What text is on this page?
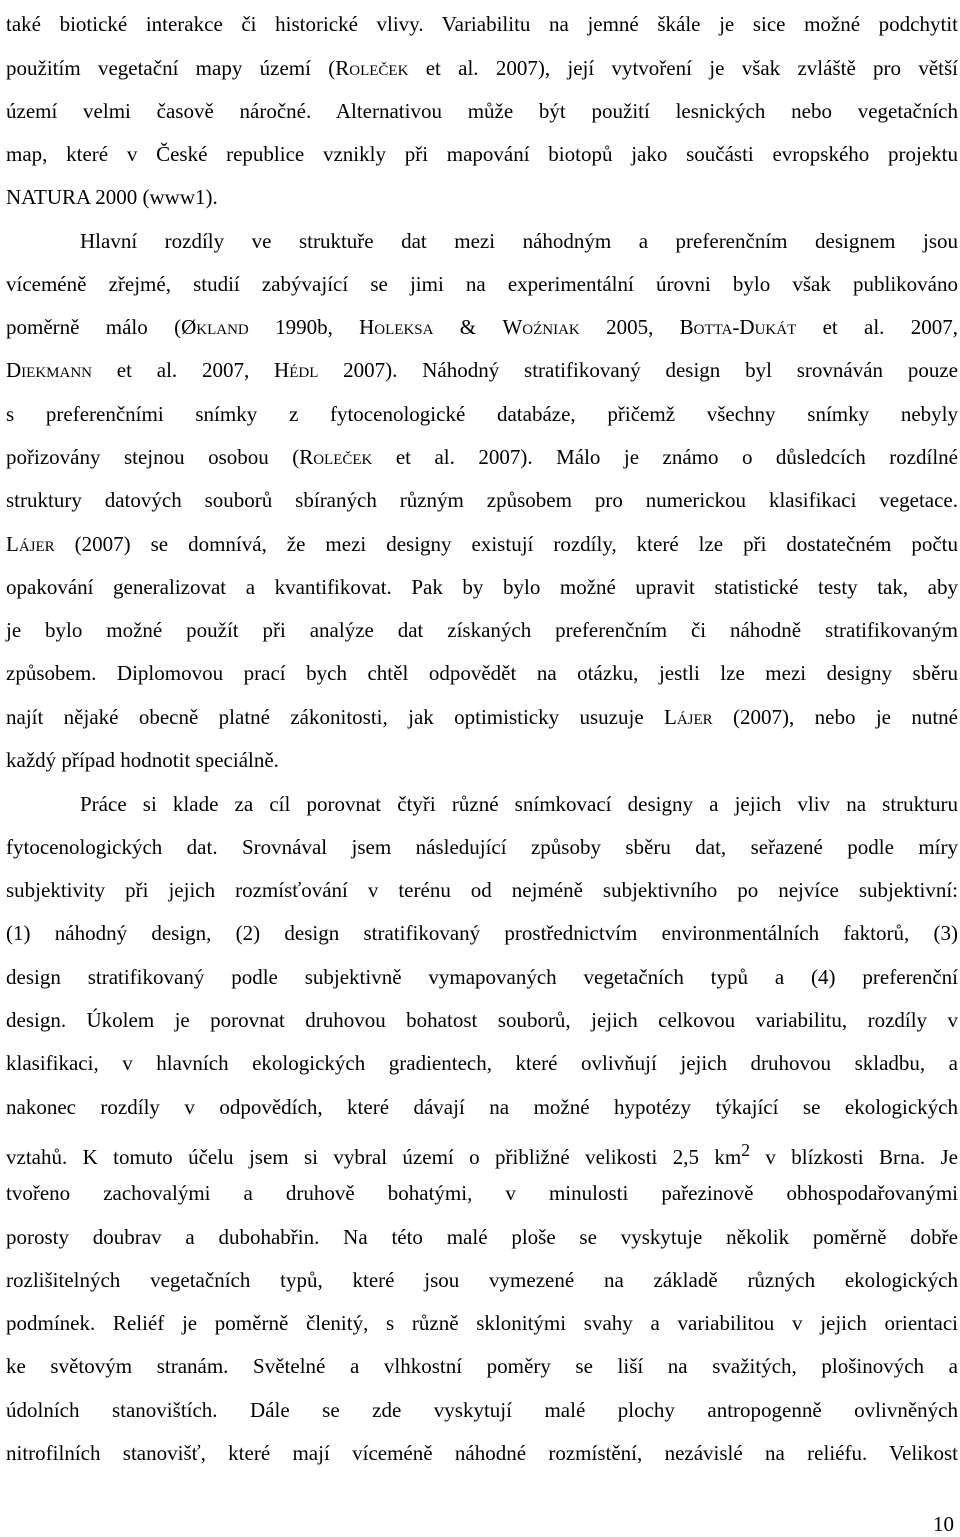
také biotické interakce či historické vlivy. Variabilitu na jemné škále je sice možné podchytit
použitím vegetační mapy území (Roleček et al. 2007), její vytvoření je však zvláště pro větší
území velmi časově náročné. Alternativou může být použití lesnických nebo vegetačních
map, které v České republice vznikly při mapování biotopů jako součásti evropského projektu
NATURA 2000 (www1).
Hlavní rozdíly ve struktuře dat mezi náhodným a preferenčním designem jsou
víceméně zřejmé, studií zabývající se jimi na experimentální úrovni bylo však publikováno
poměrně málo (Økland 1990b, Holeksa & Woźniak 2005, Botta-Dukát et al. 2007,
Diekmann et al. 2007, Hédl 2007). Náhodný stratifikovaný design byl srovnáván pouze
s preferenčními snímky z fytocenologické databáze, přičemž všechny snímky nebyly
pořizovány stejnou osobou (Roleček et al. 2007). Málo je známo o důsledcích rozdílné
struktury datových souborů sbíraných různým způsobem pro numerickou klasifikaci vegetace.
Lájer (2007) se domnívá, že mezi designy existují rozdíly, které lze při dostatečném počtu
opakování generalizovat a kvantifikovat. Pak by bylo možné upravit statistické testy tak, aby
je bylo možné použít při analýze dat získaných preferenčním či náhodně stratifikovaným
způsobem. Diplomovou prací bych chtěl odpovědět na otázku, jestli lze mezi designy sběru
najít nějaké obecně platné zákonitosti, jak optimisticky usuzuje Lájer (2007), nebo je nutné
každý případ hodnotit speciálně.
Práce si klade za cíl porovnat čtyři různé snímkovací designy a jejich vliv na strukturu
fytocenologických dat. Srovnával jsem následující způsoby sběru dat, seřazené podle míry
subjektivity při jejich rozmísťování v terénu od nejméně subjektivního po nejvíce subjektivní:
(1) náhodný design, (2) design stratifikovaný prostřednictvím environmentálních faktorů, (3)
design stratifikovaný podle subjektivně vymapovaných vegetačních typů a (4) preferenční
design. Úkolem je porovnat druhovou bohatost souborů, jejich celkovou variabilitu, rozdíly v
klasifikaci, v hlavních ekologických gradientech, které ovlivňují jejich druhovou skladbu, a
nakonec rozdíly v odpovědích, které dávají na možné hypotézy týkající se ekologických
vztahů. K tomuto účelu jsem si vybral území o přibližné velikosti 2,5 $km^2$ v blízkosti Brna. Je
tvořeno zachovalými a druhově bohatými, v minulosti pařezinově obhospodařovanými
porosty doubrav a dubohabřin. Na této malé ploše se vyskytuje několik poměrně dobře
rozlišitelných vegetačních typů, které jsou vymezené na základě různých ekologických
podmínek. Reliéf je poměrně členitý, s různě sklonitými svahy a variabilitou v jejich orientaci
ke světovým stranám. Světelné a vlhkostní poměry se liší na svažitých, plošinových a
údolních stanovištích. Dále se zde vyskytují malé plochy antropogenně ovlivněných
nitrofilních stanovišť, které mají víceméně náhodné rozmístění, nezávislé na reliéfu. Velikost
10
